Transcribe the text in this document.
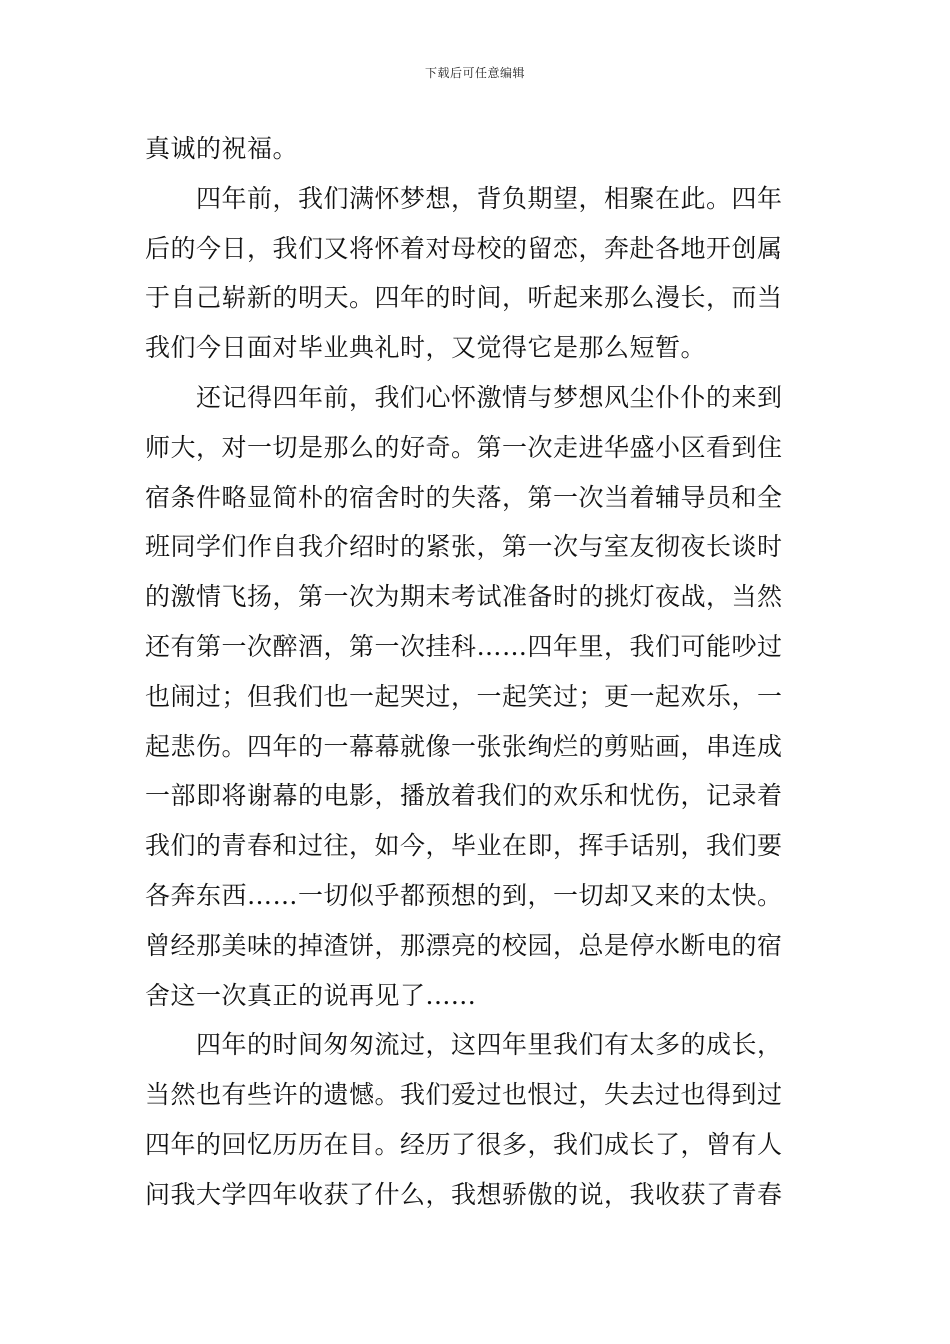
下载后可任意编辑

真诚的祝福。

四年前，我们满怀梦想，背负期望，相聚在此。四年后的今日，我们又将怀着对母校的留恋，奔赴各地开创属于自己崭新的明天。四年的时间，听起来那么漫长，而当我们今日面对毕业典礼时，又觉得它是那么短暂。

还记得四年前，我们心怀激情与梦想风尘仆仆的来到师大，对一切是那么的好奇。第一次走进华盛小区看到住宿条件略显简朴的宿舍时的失落，第一次当着辅导员和全班同学们作自我介绍时的紧张，第一次与室友彻夜长谈时的激情飞扬，第一次为期末考试准备时的挑灯夜战，当然还有第一次醉酒，第一次挂科……四年里，我们可能吵过也闹过；但我们也一起哭过，一起笑过；更一起欢乐，一起悲伤。四年的一幕幕就像一张张绚烂的剪贴画，串连成一部即将谢幕的电影，播放着我们的欢乐和忧伤，记录着我们的青春和过往，如今，毕业在即，挥手话别，我们要各奔东西……一切似乎都预想的到，一切却又来的太快。曾经那美味的掉渣饼，那漂亮的校园，总是停水断电的宿舍这一次真正的说再见了......

四年的时间匆匆流过，这四年里我们有太多的成长，当然也有些许的遗憾。我们爱过也恨过，失去过也得到过四年的回忆历历在目。经历了很多，我们成长了，曾有人问我大学四年收获了什么，我想骄傲的说，我收获了青春
